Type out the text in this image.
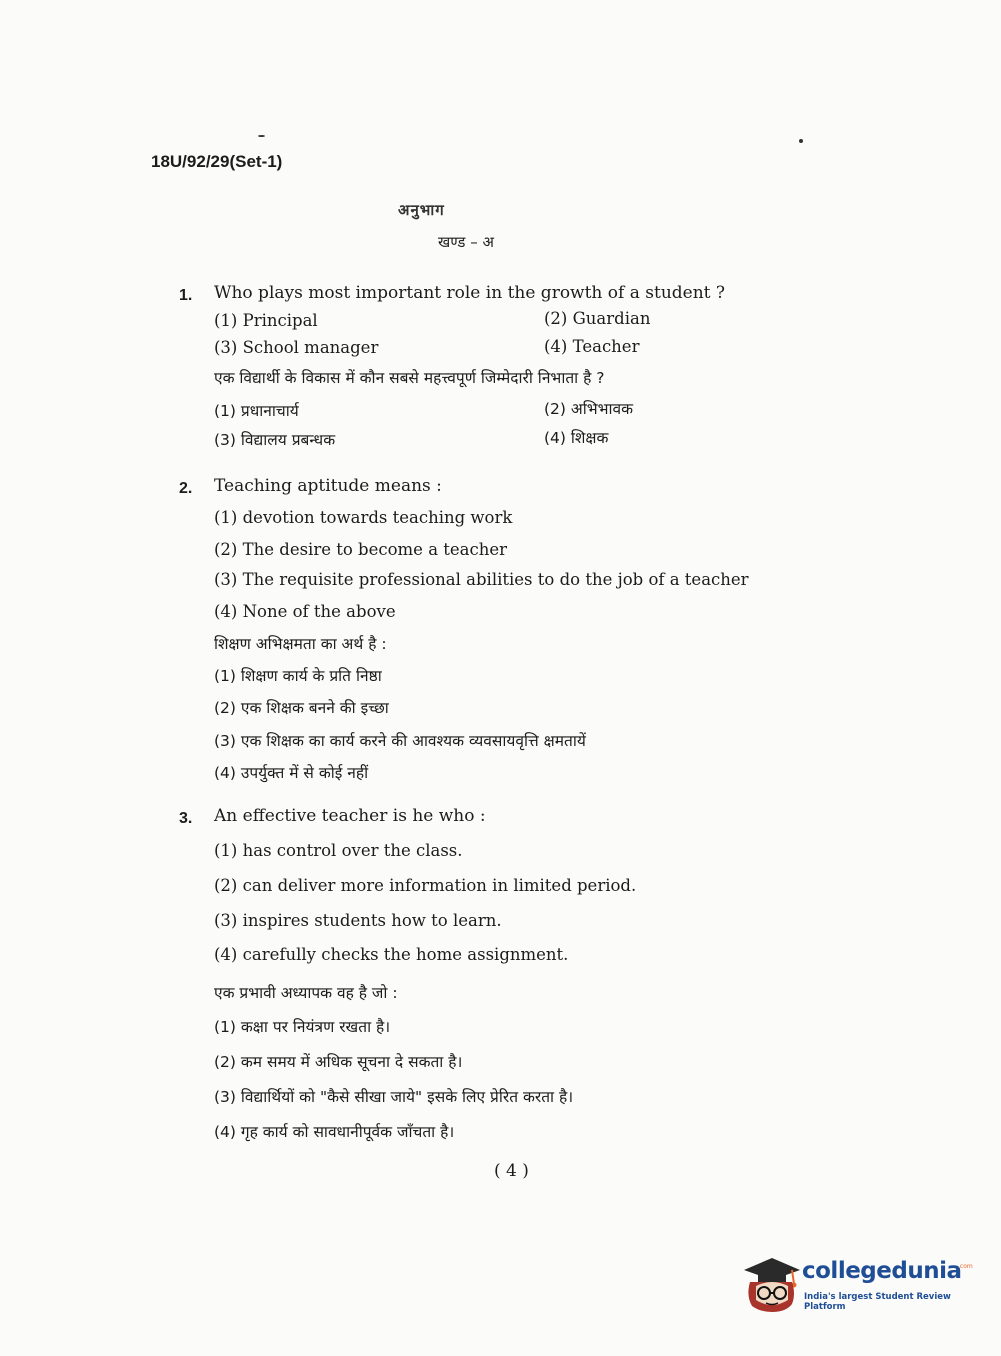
18U/92/29(Set-1)
अनुभाग
खण्ड – अ
1. Who plays most important role in the growth of a student ?
(1) Principal	(2) Guardian
(3) School manager	(4) Teacher
एक विद्यार्थी के विकास में कौन सबसे महत्त्वपूर्ण जिम्मेदारी निभाता है ?
(1) प्रधानाचार्य	(2) अभिभावक
(3) विद्यालय प्रबन्धक	(4) शिक्षक
2. Teaching aptitude means :
(1) devotion towards teaching work
(2) The desire to become a teacher
(3) The requisite professional abilities to do the job of a teacher
(4) None of the above
शिक्षण अभिक्षमता का अर्थ है :
(1) शिक्षण कार्य के प्रति निष्ठा
(2) एक शिक्षक बनने की इच्छा
(3) एक शिक्षक का कार्य करने की आवश्यक व्यवसायवृत्ति क्षमतायें
(4) उपर्युक्त में से कोई नहीं
3. An effective teacher is he who :
(1) has control over the class.
(2) can deliver more information in limited period.
(3) inspires students how to learn.
(4) carefully checks the home assignment.
एक प्रभावी अध्यापक वह है जो :
(1) कक्षा पर नियंत्रण रखता है।
(2) कम समय में अधिक सूचना दे सकता है।
(3) विद्यार्थियों को "कैसे सीखा जाये" इसके लिए प्रेरित करता है।
(4) गृह कार्य को सावधानीपूर्वक जाँचता है।
( 4 )
collegedunia
.com
India's largest Student Review Platform
